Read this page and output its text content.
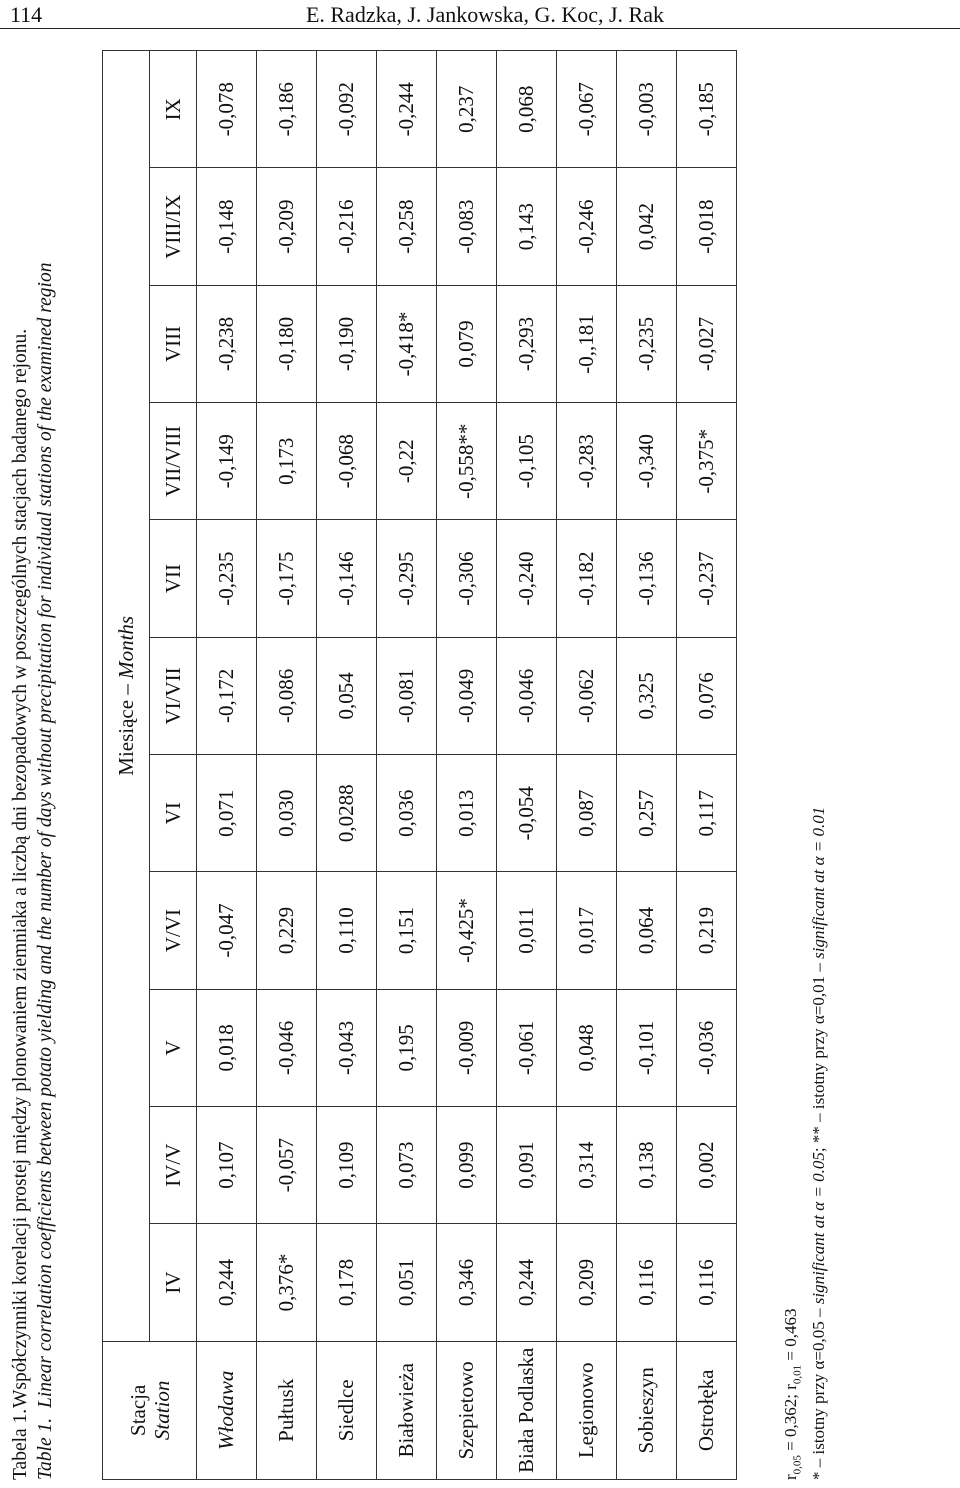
114	E. Radzka, J. Jankowska, G. Koc, J. Rak
Tabela 1.
Współczynniki korelacji prostej między plonowaniem ziemniaka a liczbą dni bezopadowych w poszczególnych stacjach badanego rejonu.
Table 1.
Linear correlation coefficients between potato yielding and the number of days without precipitation for individual stations of the examined region
Stacja Station	Miesiące – Months										
	IV	IV/V	V	V/VI	VI	VI/VII	VII	VII/VIII	VIII	VIII/IX	IX
Włodawa	0,244	0,107	0,018	-0,047	0,071	-0,172	-0,235	-0,149	-0,238	-0,148	-0,078
Pułtusk	0,376*	-0,057	-0,046	0,229	0,030	-0,086	-0,175	0,173	-0,180	-0,209	-0,186
Siedlce	0,178	0,109	-0,043	0,110	0,0288	0,054	-0,146	-0,068	-0,190	-0,216	-0,092
Białowieża	0,051	0,073	0,195	0,151	0,036	-0,081	-0,295	-0,22	-0,418*	-0,258	-0,244
Szepietowo	0,346	0,099	-0,009	-0,425*	0,013	-0,049	-0,306	-0,558**	0,079	-0,083	0,237
Biała Podlaska	0,244	0,091	-0,061	0,011	-0,054	-0,046	-0,240	-0,105	-0,293	0,143	0,068
Legionowo	0,209	0,314	0,048	0,017	0,087	-0,062	-0,182	-0,283	-0,,181	-0,246	-0,067
Sobieszyn	0,116	0,138	-0,101	0,064	0,257	0,325	-0,136	-0,340	-0,235	0,042	-0,003
Ostrołęka	0,116	0,002	-0,036	0,219	0,117	0,076	-0,237	-0,375*	-0,027	-0,018	-0,185
$r_{0,05} = 0,362$; $r_{0,01} = 0,463$ * – istotny przy α=0,05 – significant at α = 0.05; ** – istotny przy α=0,01 – significant at α = 0.01
